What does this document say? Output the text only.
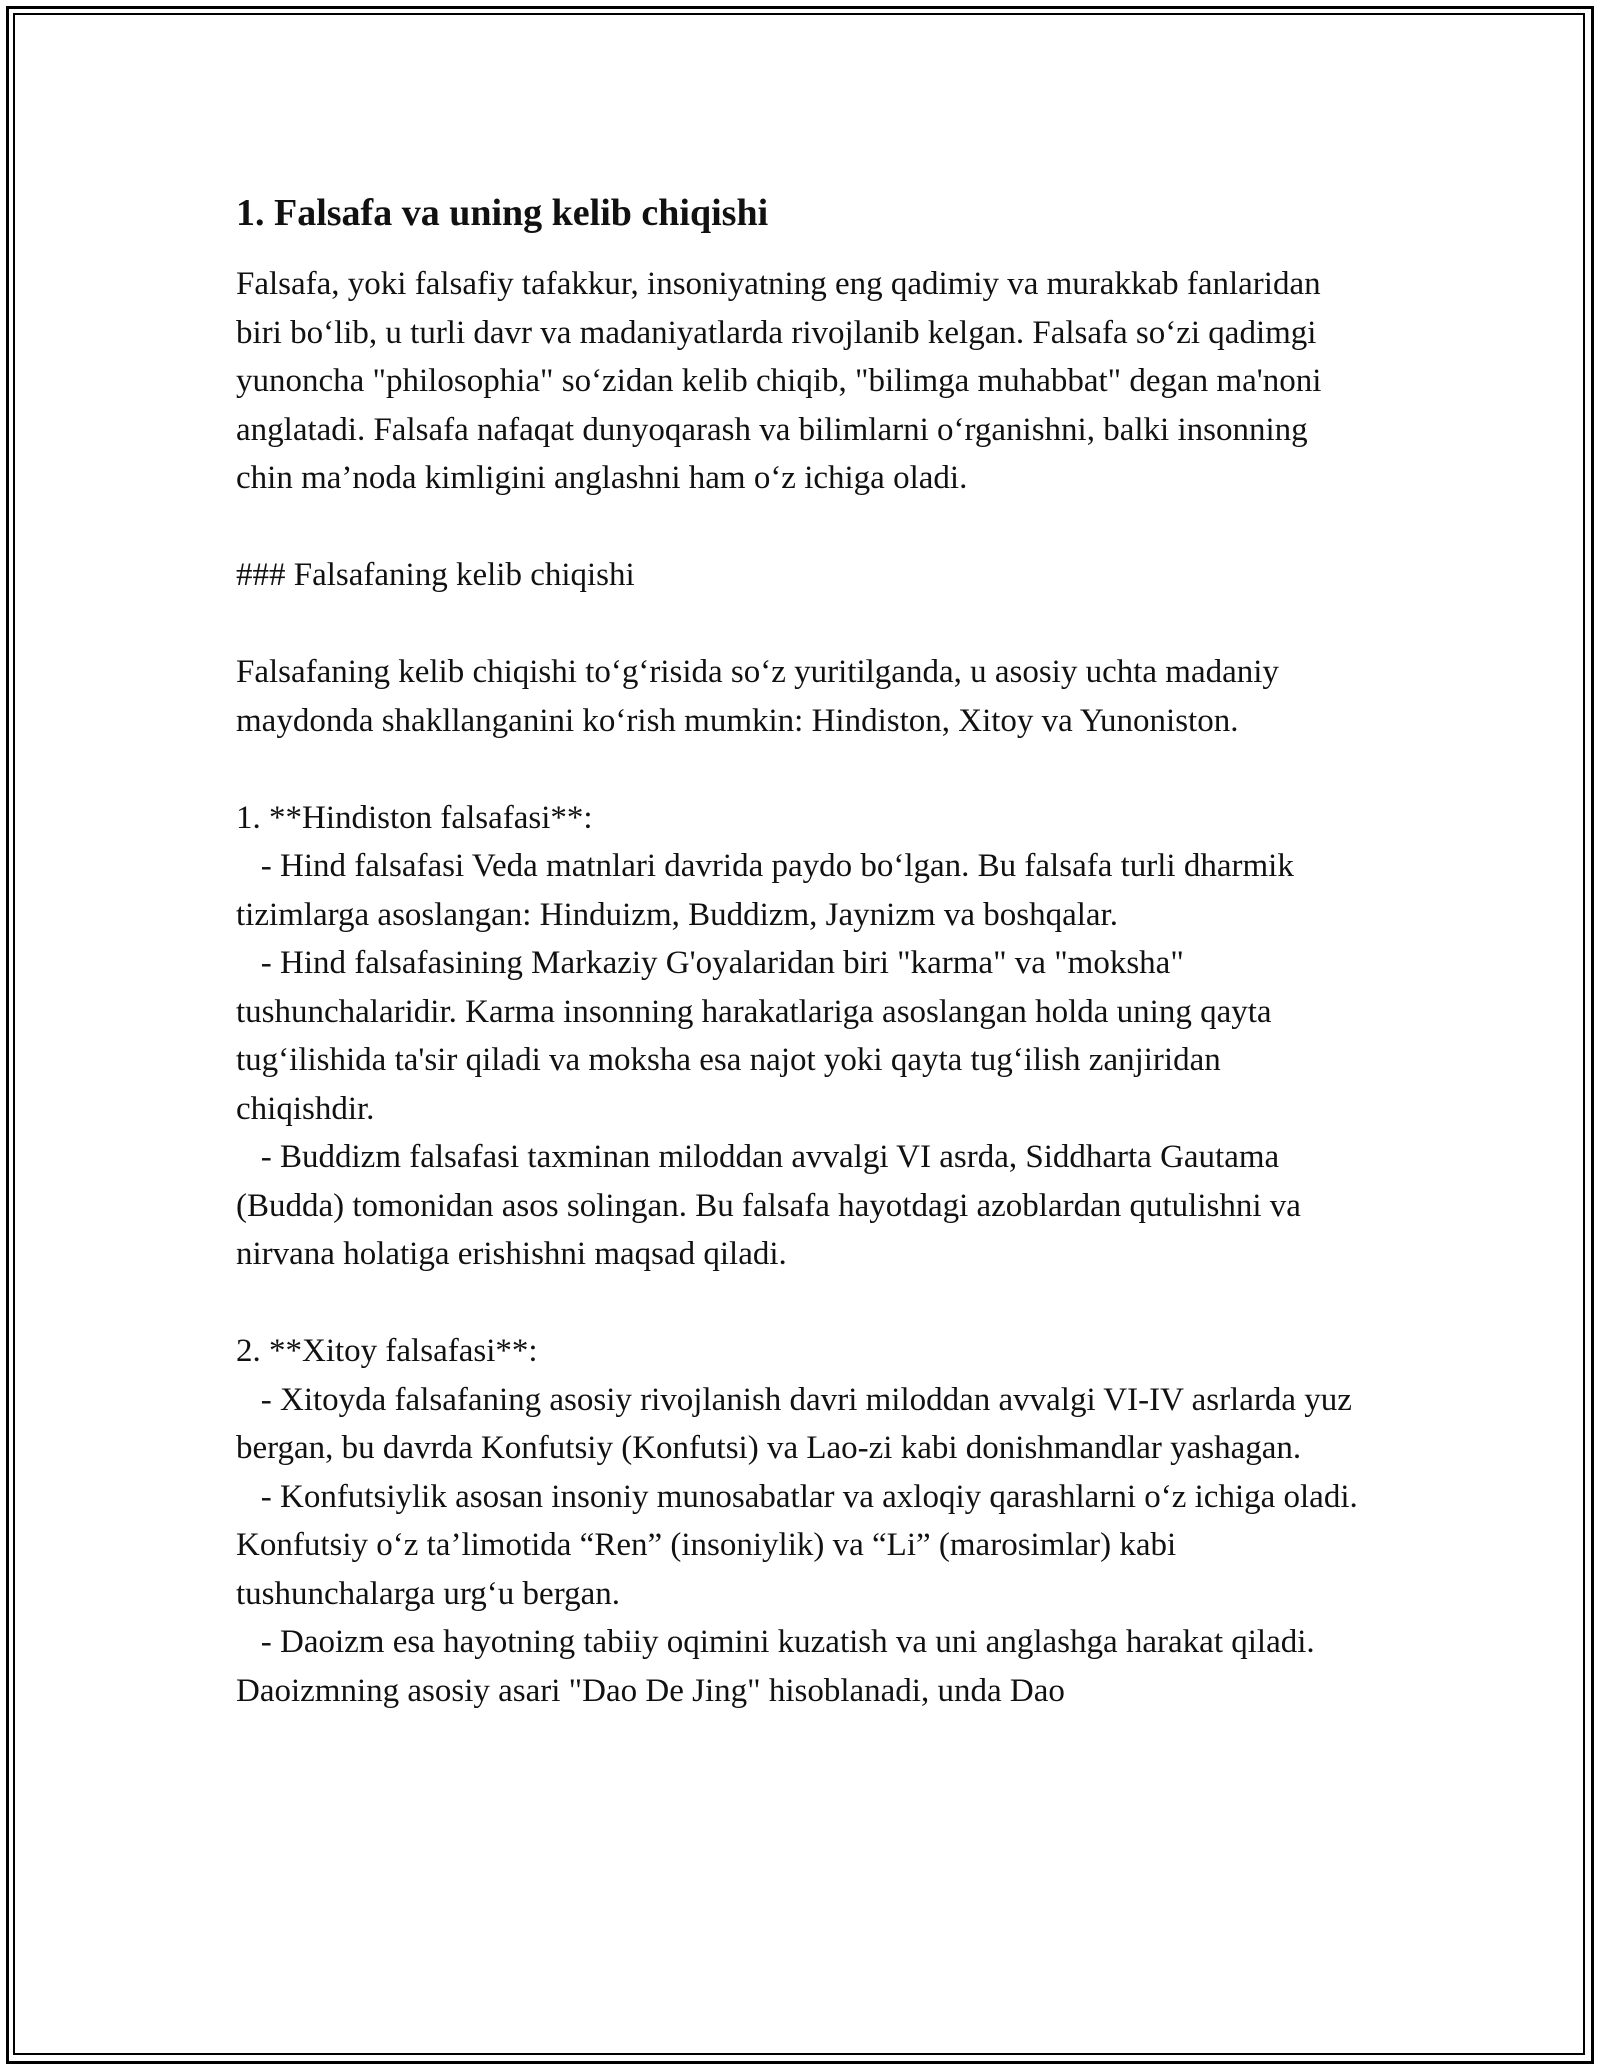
1. Falsafa va uning kelib chiqishi

Falsafa, yoki falsafiy tafakkur, insoniyatning eng qadimiy va murakkab fanlaridan biri bo‘lib, u turli davr va madaniyatlarda rivojlanib kelgan. Falsafa so‘zi qadimgi yunoncha "philosophia" so‘zidan kelib chiqib, "bilimga muhabbat" degan ma'noni anglatadi. Falsafa nafaqat dunyoqarash va bilimlarni o‘rganishni, balki insonning chin ma’noda kimligini anglashni ham o‘z ichiga oladi.

### Falsafaning kelib chiqishi

Falsafaning kelib chiqishi to‘g‘risida so‘z yuritilganda, u asosiy uchta madaniy maydonda shakllanganini ko‘rish mumkin: Hindiston, Xitoy va Yunoniston.

1. **Hindiston falsafasi**:

- Hind falsafasi Veda matnlari davrida paydo bo‘lgan. Bu falsafa turli dharmik tizimlarga asoslangan: Hinduizm, Buddizm, Jaynizm va boshqalar.

- Hind falsafasining Markaziy G'oyalaridan biri "karma" va "moksha" tushunchalaridir. Karma insonning harakatlariga asoslangan holda uning qayta tug‘ilishida ta'sir qiladi va moksha esa najot yoki qayta tug‘ilish zanjiridan chiqishdir.

- Buddizm falsafasi taxminan miloddan avvalgi VI asrda, Siddharta Gautama (Budda) tomonidan asos solingan. Bu falsafa hayotdagi azoblardan qutulishni va nirvana holatiga erishishni maqsad qiladi.

2. **Xitoy falsafasi**:

- Xitoyda falsafaning asosiy rivojlanish davri miloddan avvalgi VI-IV asrlarda yuz bergan, bu davrda Konfutsiy (Konfutsi) va Lao-zi kabi donishmandlar yashagan.

- Konfutsiylik asosan insoniy munosabatlar va axloqiy qarashlarni o‘z ichiga oladi. Konfutsiy o‘z ta’limotida “Ren” (insoniylik) va “Li” (marosimlar) kabi tushunchalarga urg‘u bergan.

- Daoizm esa hayotning tabiiy oqimini kuzatish va uni anglashga harakat qiladi. Daoizmning asosiy asari "Dao De Jing" hisoblanadi, unda Dao
